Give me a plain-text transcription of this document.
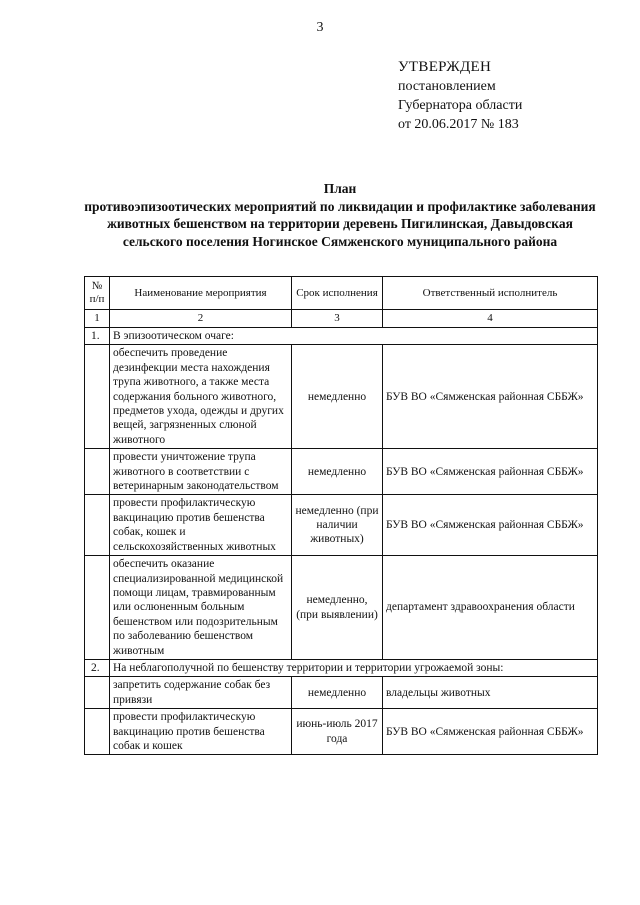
3
УТВЕРЖДЕН
постановлением
Губернатора области
от 20.06.2017 № 183
План
противоэпизоотических мероприятий по ликвидации и профилактике заболевания животных бешенством на территории деревень Пигилинская, Давыдовская сельского поселения Ногинское Сямженского муниципального района
№ п/п	Наименование мероприятия	Срок исполнения	Ответственный исполнитель
1	2	3	4
1.	В эпизоотическом очаге:		
	обеспечить проведение дезинфекции места нахождения трупа животного, а также места содержания больного животного, предметов ухода, одежды и других вещей, загрязненных слюной животного	немедленно	БУВ ВО «Сямженская районная СББЖ»
	провести уничтожение трупа животного в соответствии с ветеринарным законодательством	немедленно	БУВ ВО «Сямженская районная СББЖ»
	провести профилактическую вакцинацию против бешенства собак, кошек и сельскохозяйственных животных	немедленно (при наличии животных)	БУВ ВО «Сямженская районная СББЖ»
	обеспечить оказание специализированной медицинской помощи лицам, травмированным или ослюненным больным бешенством или подозрительным по заболеванию бешенством животным	немедленно, (при выявлении)	департамент здравоохранения области
2.	На неблагополучной по бешенству территории и территории угрожаемой зоны:		
	запретить содержание собак без привязи	немедленно	владельцы животных
	провести профилактическую вакцинацию против бешенства собак и кошек	июнь-июль 2017 года	БУВ ВО «Сямженская районная СББЖ»
